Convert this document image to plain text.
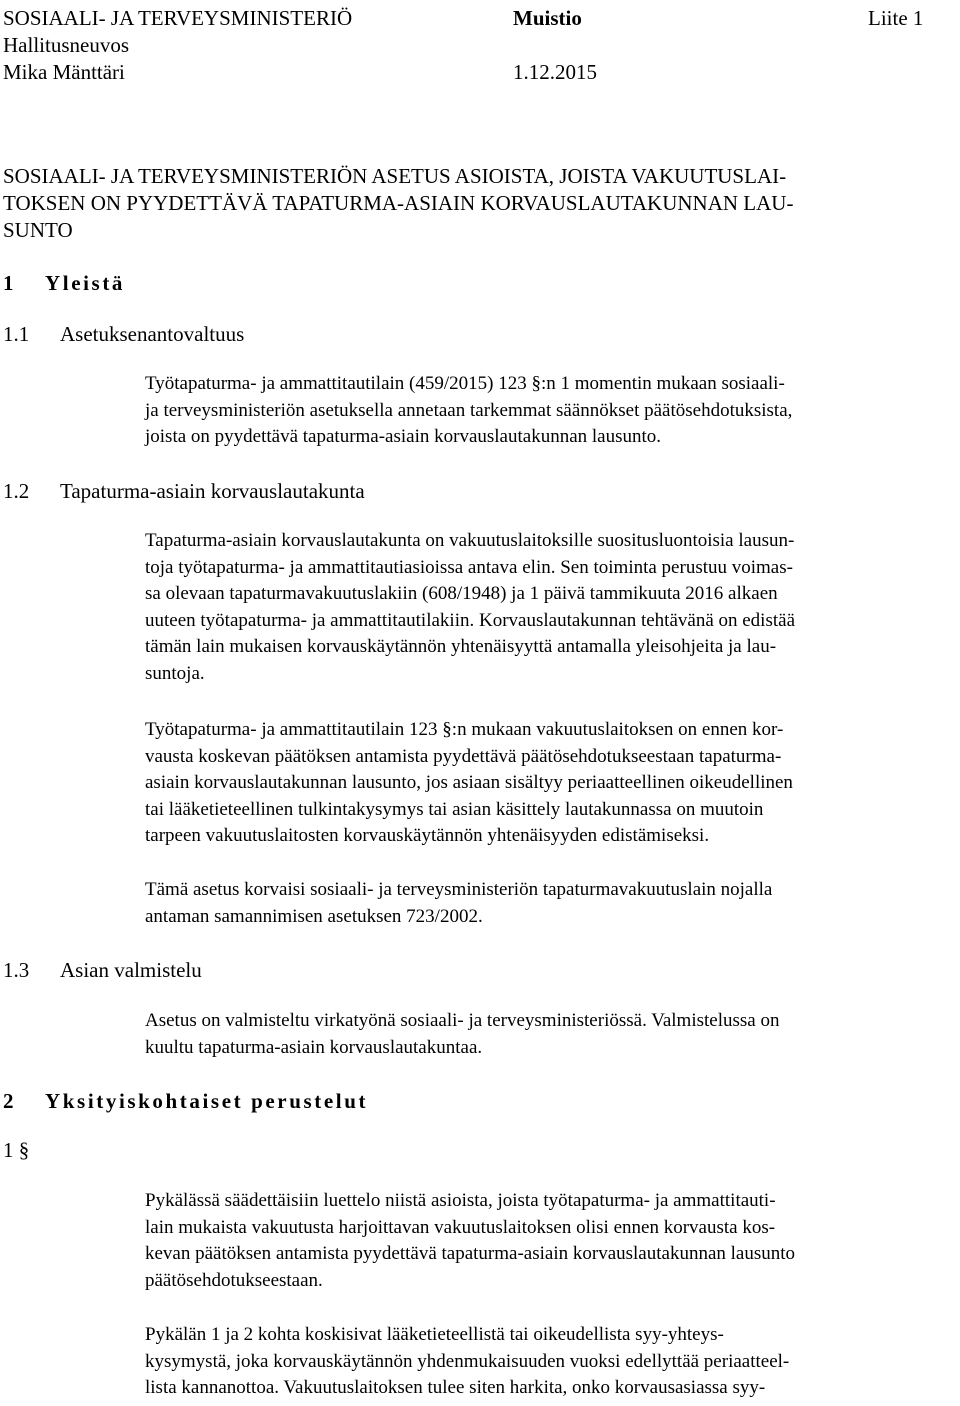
SOSIAALI- JA TERVEYSMINISTERIÖ	Muistio	Liite 1
Hallitusneuvos
Mika Mänttäri	1.12.2015
SOSIAALI- JA TERVEYSMINISTERIÖN ASETUS ASIOISTA, JOISTA VAKUUTUSLAI-
TOKSEN ON PYYDETTÄVÄ TAPATURMA-ASIAIN KORVAUSLAUTAKUNNAN LAU-
SUNTO
1 Yleistä
1.1 Asetuksenantovaltuus

Työtapaturma- ja ammattitautilain (459/2015) 123 §:n 1 momentin mukaan sosiaali-

ja terveysministeriön asetuksella annetaan tarkemmat säännökset päätösehdotuksista,

joista on pyydettävä tapaturma-asiain korvauslautakunnan lausunto.

1.2 Tapaturma-asiain korvauslautakunta

Tapaturma-asiain korvauslautakunta on vakuutuslaitoksille suositusluontoisia lausun-

toja työtapaturma- ja ammattitautiasioissa antava elin. Sen toiminta perustuu voimas-

sa olevaan tapaturmavakuutuslakiin (608/1948) ja 1 päivä tammikuuta 2016 alkaen

uuteen työtapaturma- ja ammattitautilakiin. Korvauslautakunnan tehtävänä on edistää

tämän lain mukaisen korvauskäytännön yhtenäisyyttä antamalla yleisohjeita ja lau-

suntoja.

Työtapaturma- ja ammattitautilain 123 §:n mukaan vakuutuslaitoksen on ennen kor-

vausta koskevan päätöksen antamista pyydettävä päätösehdotukseestaan tapaturma-

asiain korvauslautakunnan lausunto, jos asiaan sisältyy periaatteellinen oikeudellinen

tai lääketieteellinen tulkintakysymys tai asian käsittely lautakunnassa on muutoin

tarpeen vakuutuslaitosten korvauskäytännön yhtenäisyyden edistämiseksi.

Tämä asetus korvaisi sosiaali- ja terveysministeriön tapaturmavakuutuslain nojalla

antaman samannimisen asetuksen 723/2002.

1.3 Asian valmistelu

Asetus on valmisteltu virkatyönä sosiaali- ja terveysministeriössä. Valmistelussa on

kuultu tapaturma-asiain korvauslautakuntaa.

2 Yksityiskohtaiset perustelut
1 §

Pykälässä säädettäisiin luettelo niistä asioista, joista työtapaturma- ja ammattitauti-

lain mukaista vakuutusta harjoittavan vakuutuslaitoksen olisi ennen korvausta kos-

kevan päätöksen antamista pyydettävä tapaturma-asiain korvauslautakunnan lausunto

päätösehdotukseestaan.

Pykälän 1 ja 2 kohta koskisivat lääketieteellistä tai oikeudellista syy-yhteys-

kysymystä, joka korvauskäytännön yhdenmukaisuuden vuoksi edellyttää periaatteel-

lista kannanottoa. Vakuutuslaitoksen tulee siten harkita, onko korvausasiassa syy-
